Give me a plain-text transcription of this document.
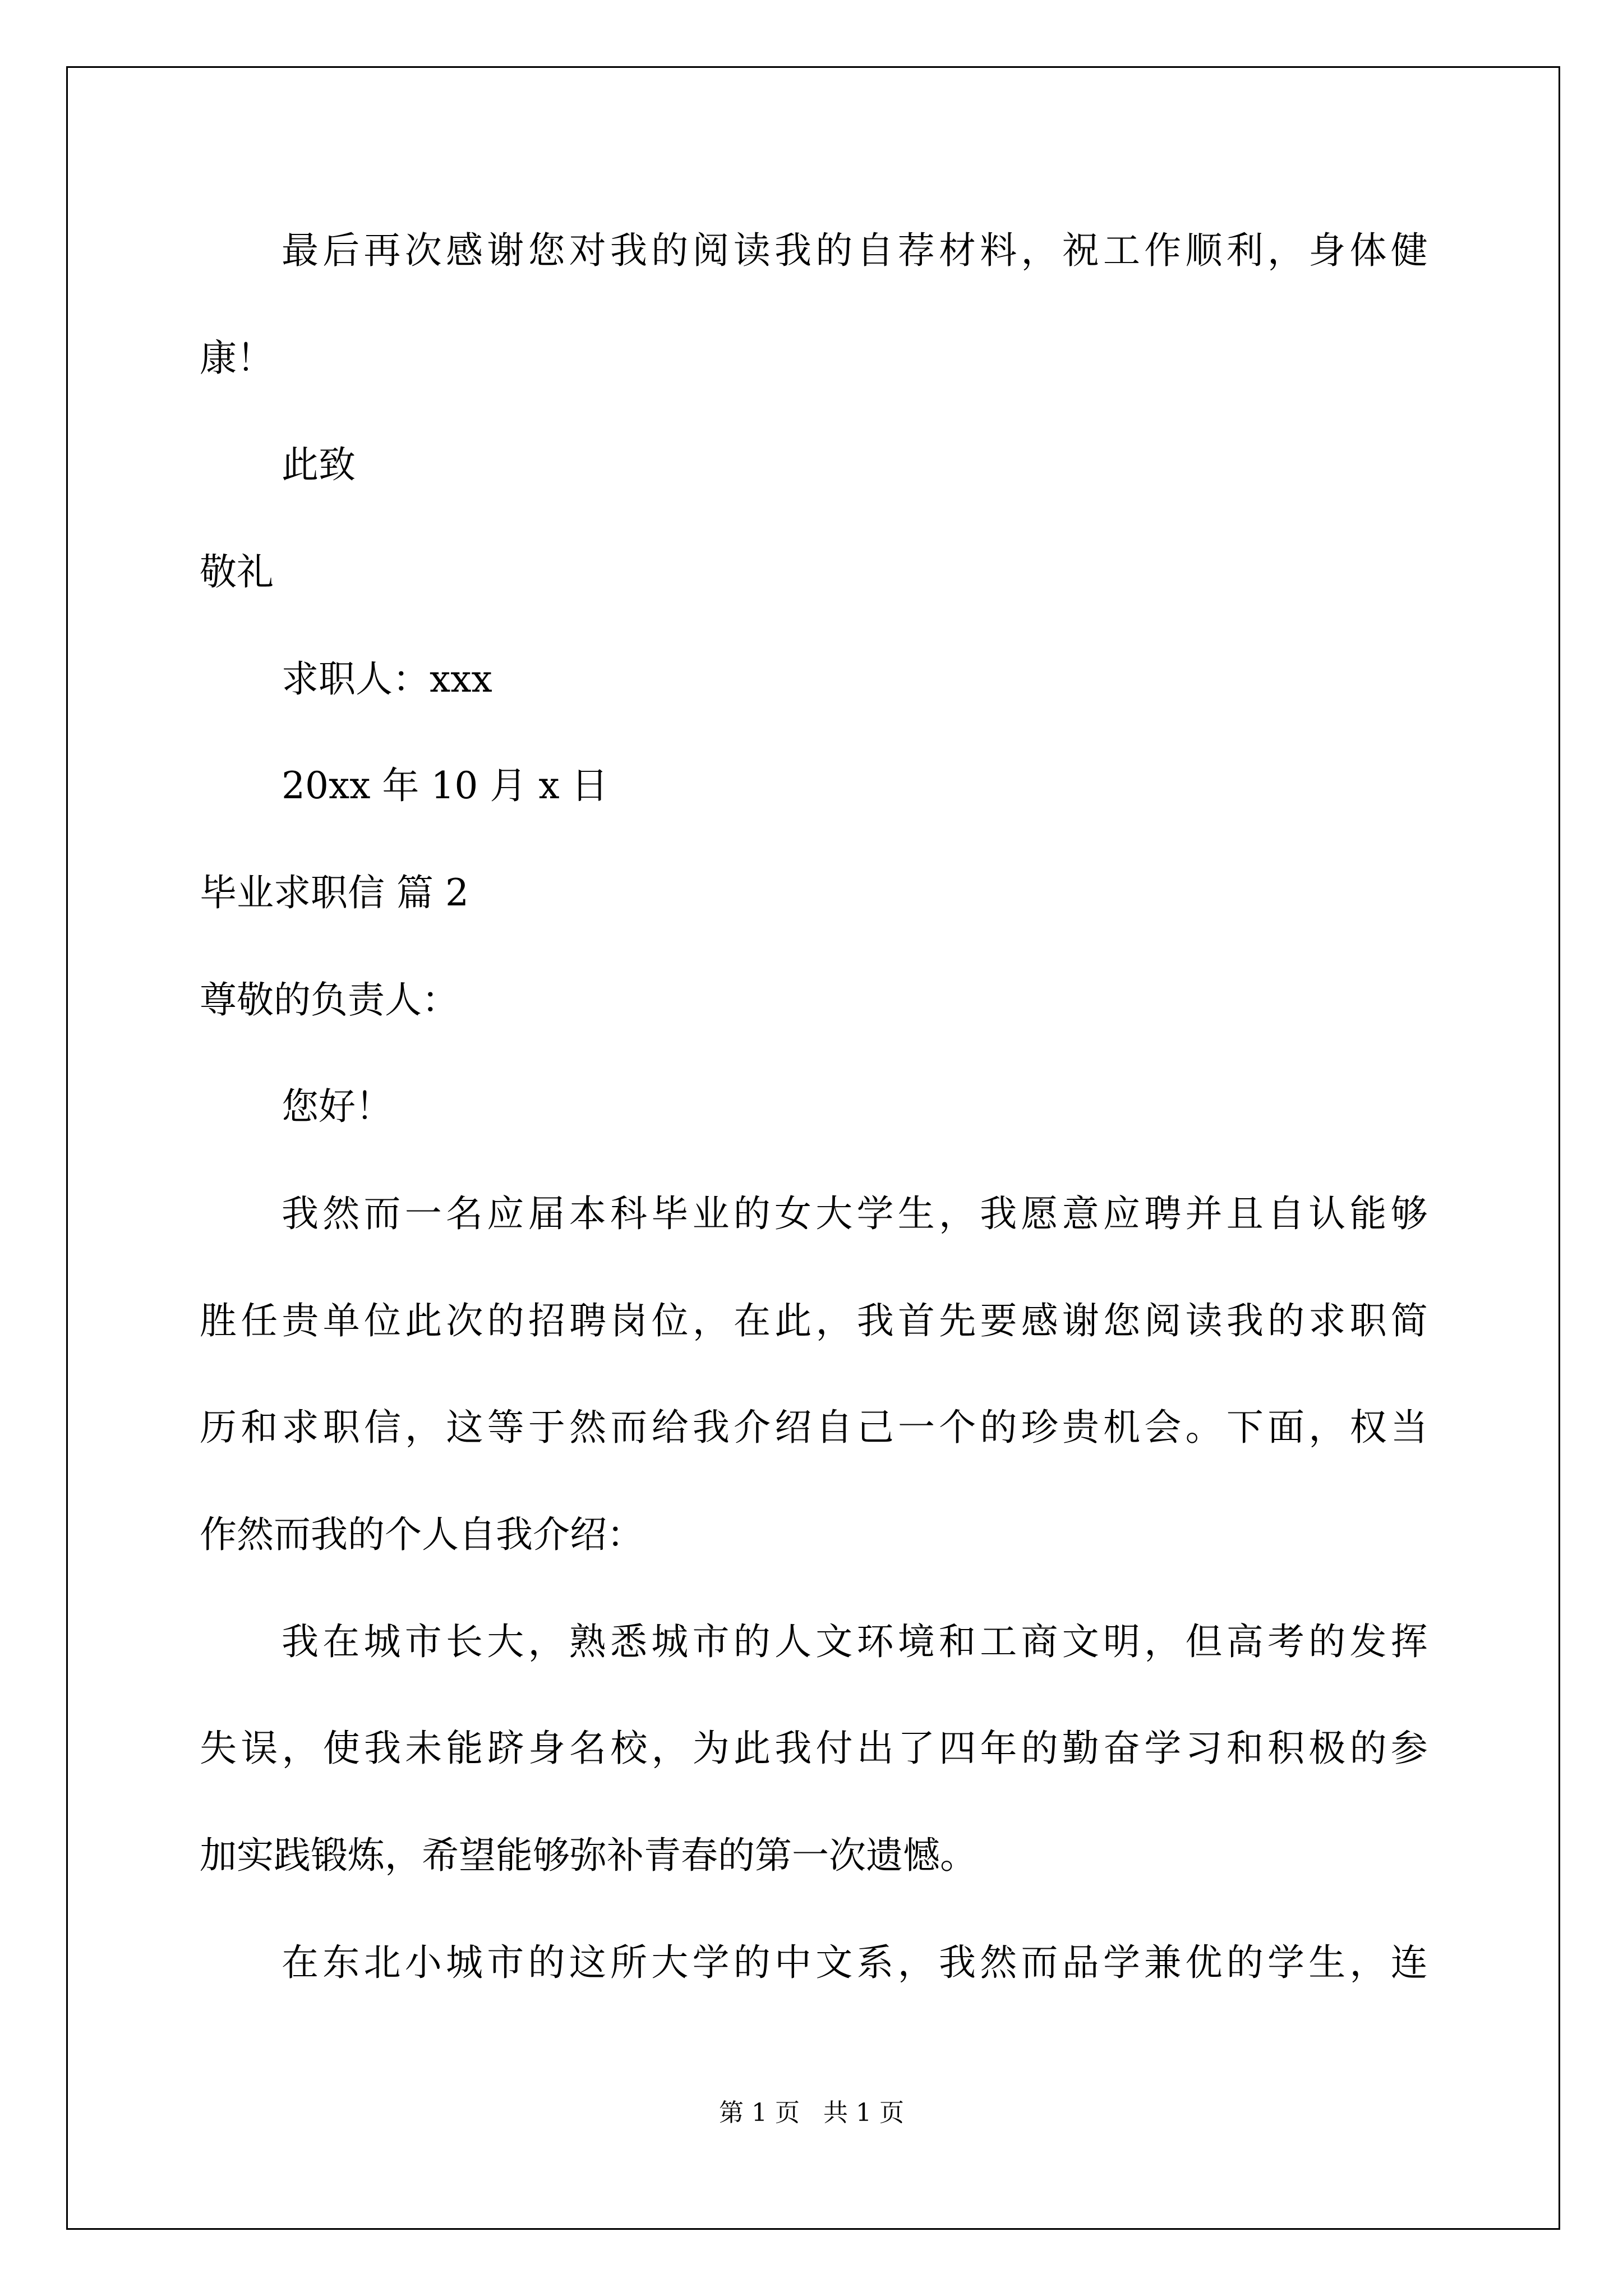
最 后 再 次 感 谢 您 对 我 的 阅 读 我 的 自 荐 材 料 ， 祝 工 作 顺 利 ， 身 体 健
康！
此致
敬礼
求职人：xxx
20xx 年 10 月 x 日
毕业求职信 篇 2
尊敬的负责人：
您好！
我 然 而 一 名 应 届 本 科 毕 业 的 女 大 学 生 ， 我 愿 意 应 聘 并 且 自 认 能 够
胜 任 贵 单 位 此 次 的 招 聘 岗 位 ， 在 此 ， 我 首 先 要 感 谢 您 阅 读 我 的 求 职 简
历 和 求 职 信 ， 这 等 于 然 而 给 我 介 绍 自 己 一 个 的 珍 贵 机 会 。 下 面 ， 权 当
作然而我的个人自我介绍：
我 在 城 市 长 大 ， 熟 悉 城 市 的 人 文 环 境 和 工 商 文 明 ， 但 高 考 的 发 挥
失 误 ， 使 我 未 能 跻 身 名 校 ， 为 此 我 付 出 了 四 年 的 勤 奋 学 习 和 积 极 的 参
加实践锻炼，希望能够弥补青春的第一次遗憾。
在 东 北 小 城 市 的 这 所 大 学 的 中 文 系 ， 我 然 而 品 学 兼 优 的 学 生 ， 连
第 1 页   共 1 页
